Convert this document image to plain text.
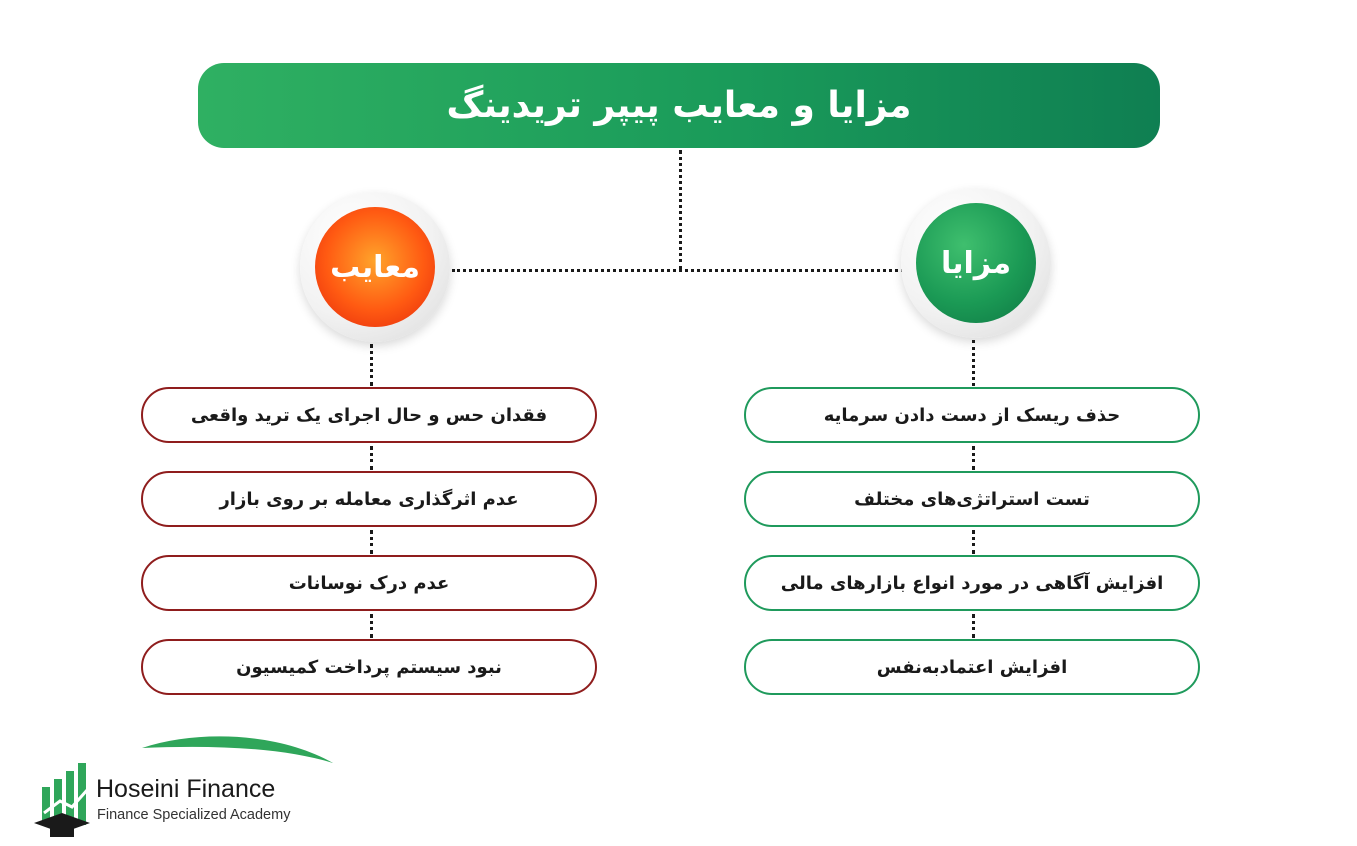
مزایا و معایب پیپر تریدینگ
مزایا
معایب
حذف ریسک از دست دادن سرمایه
تست استراتژی‌های مختلف
افزایش آگاهی در مورد انواع بازارهای مالی
افزایش اعتمادبه‌نفس
فقدان حس و حال اجرای یک ترید واقعی
عدم اثرگذاری معامله بر روی بازار
عدم درک نوسانات
نبود سیستم پرداخت کمیسیون
Hoseini Finance
Finance Specialized Academy
